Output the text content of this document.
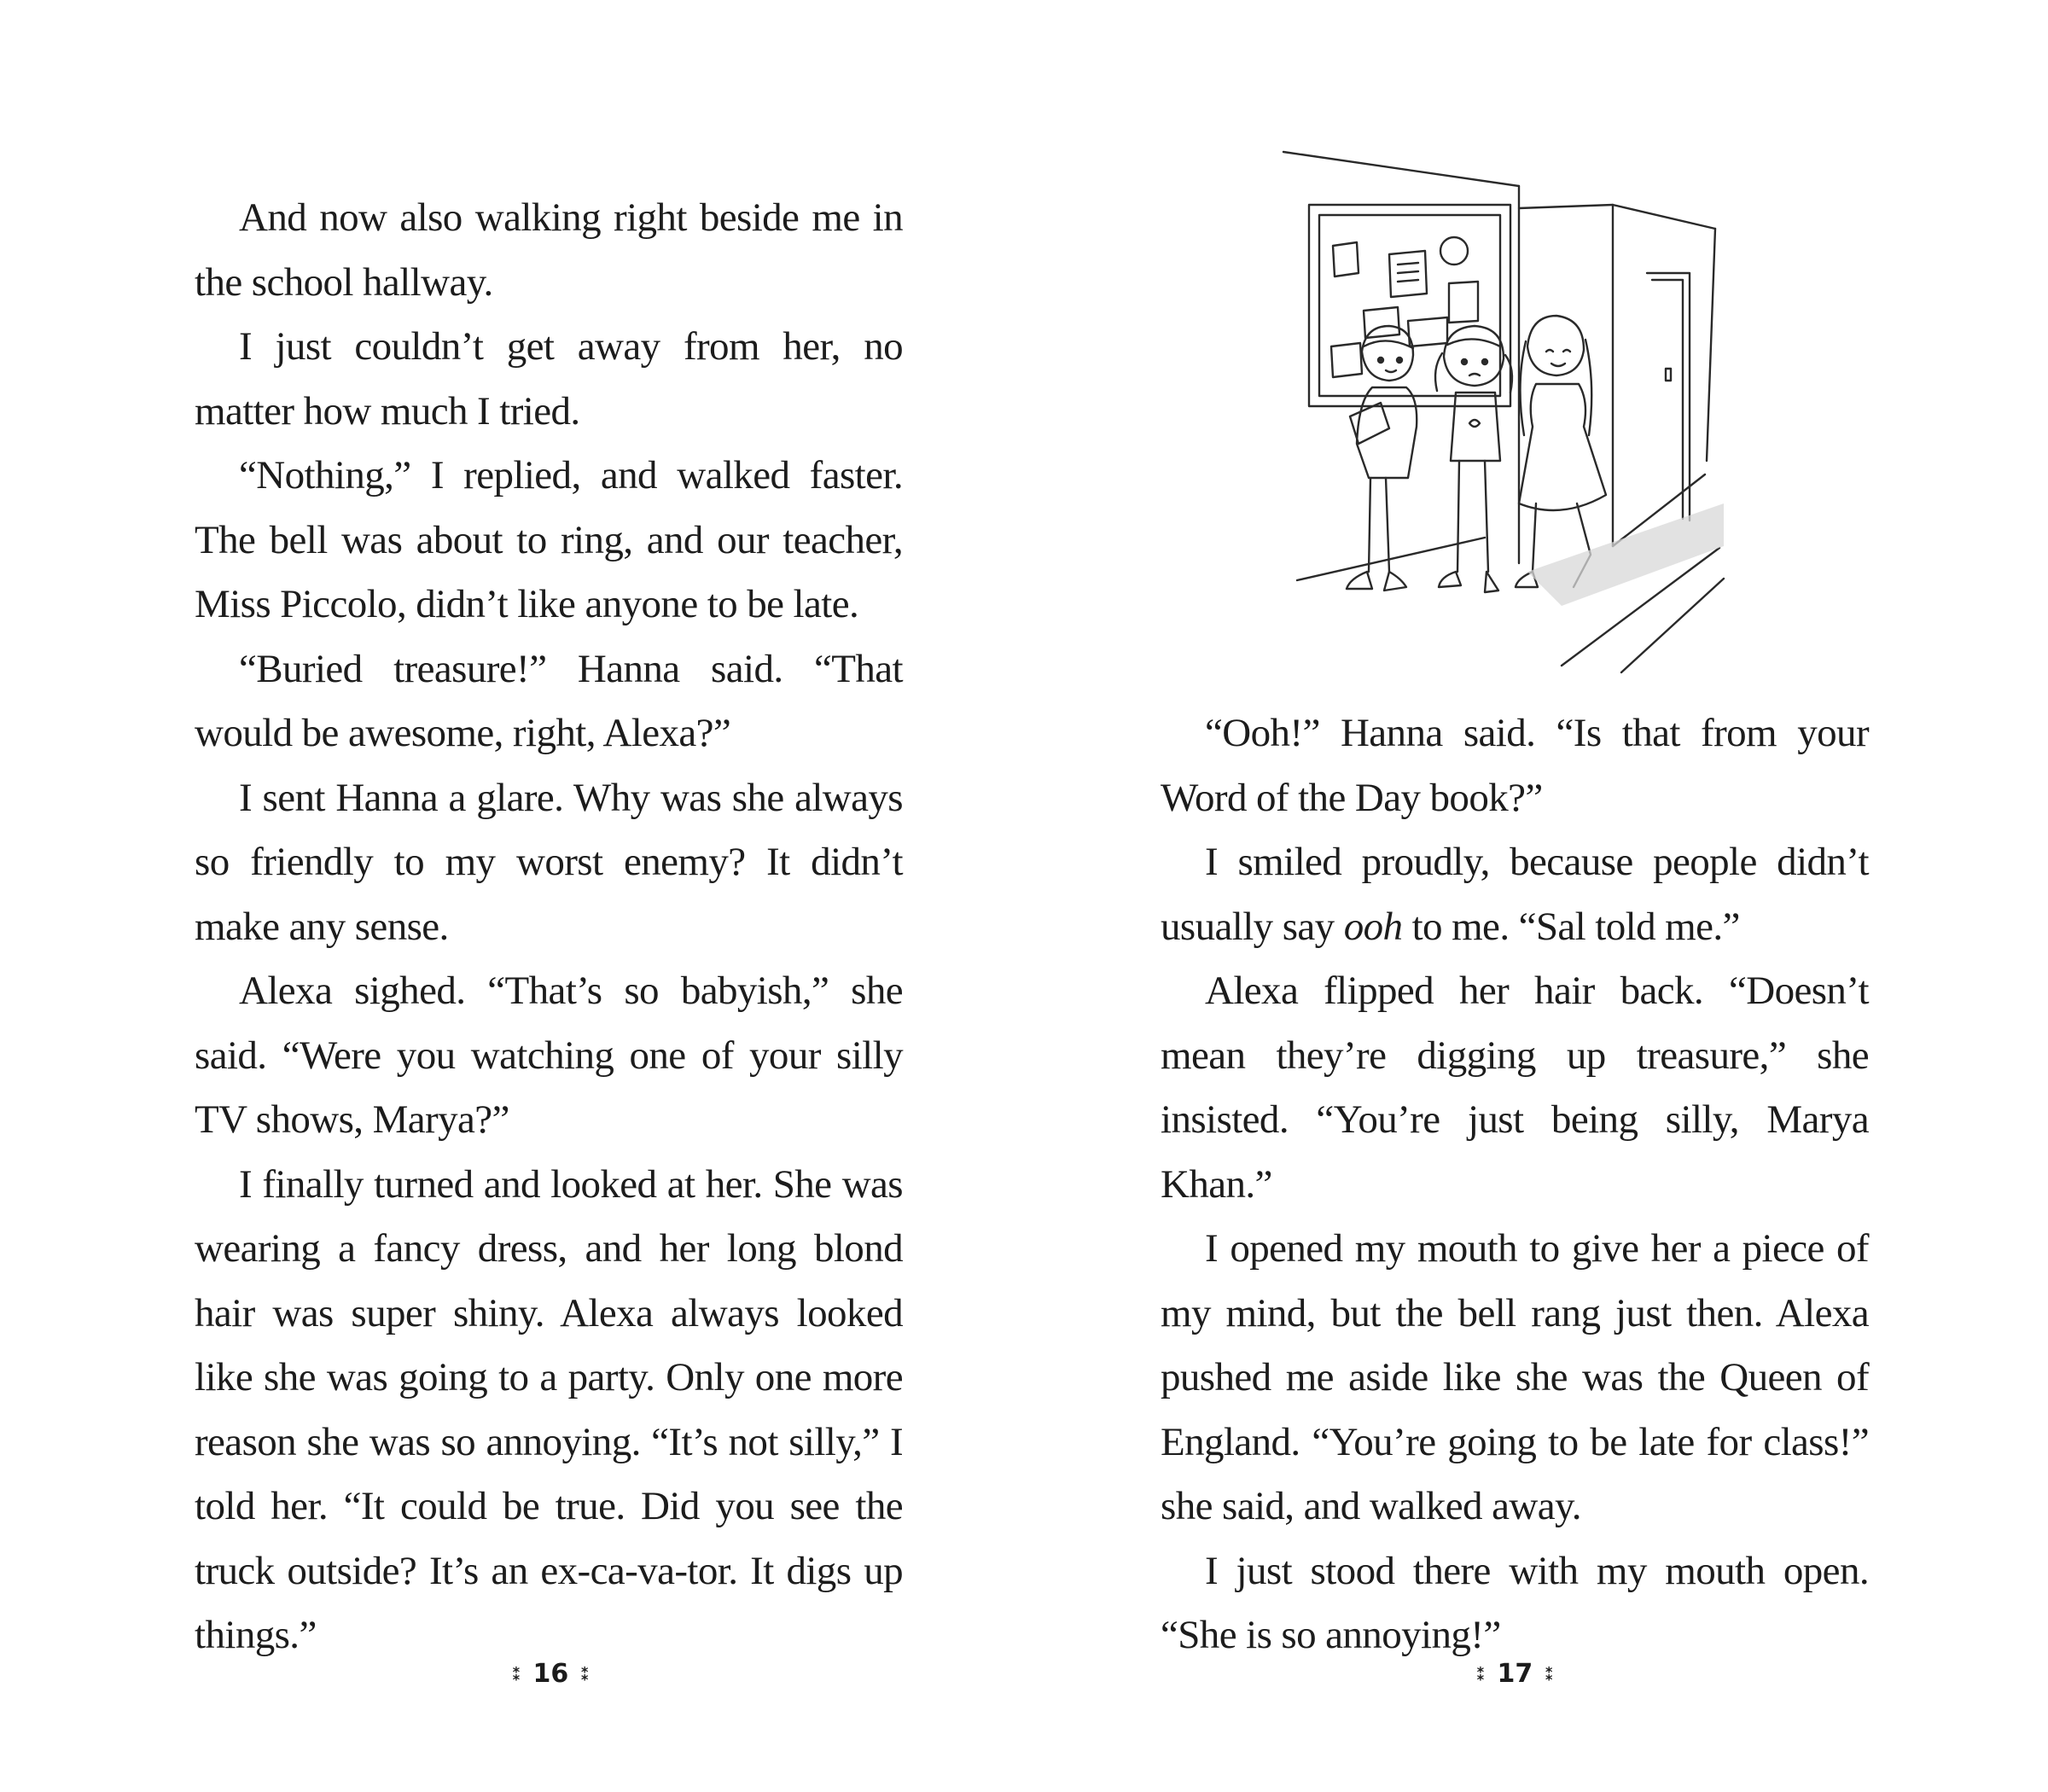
And now also walking right beside me in the school hallway.

I just couldn’t get away from her, no matter how much I tried.

“Nothing,” I replied, and walked faster. The bell was about to ring, and our teacher, Miss Piccolo, didn’t like anyone to be late.

“Buried treasure!” Hanna said. “That would be awesome, right, Alexa?”

I sent Hanna a glare. Why was she always so friendly to my worst enemy? It didn’t make any sense.

Alexa sighed. “That’s so babyish,” she said. “Were you watching one of your silly TV shows, Marya?”

I finally turned and looked at her. She was wearing a fancy dress, and her long blond hair was super shiny. Alexa always looked like she was going to a party. Only one more reason she was so annoying. “It’s not silly,” I told her. “It could be true. Did you see the truck outside? It’s an ex-ca-va-tor. It digs up things.”

⁑ 16 ⁑

“Ooh!” Hanna said. “Is that from your Word of the Day book?”

I smiled proudly, because people didn’t usually say ooh to me. “Sal told me.”

Alexa flipped her hair back. “Doesn’t mean they’re digging up treasure,” she insisted. “You’re just being silly, Marya Khan.”

I opened my mouth to give her a piece of my mind, but the bell rang just then. Alexa pushed me aside like she was the Queen of England. “You’re going to be late for class!” she said, and walked away.

I just stood there with my mouth open. “She is so annoying!”

⁑ 17 ⁑
